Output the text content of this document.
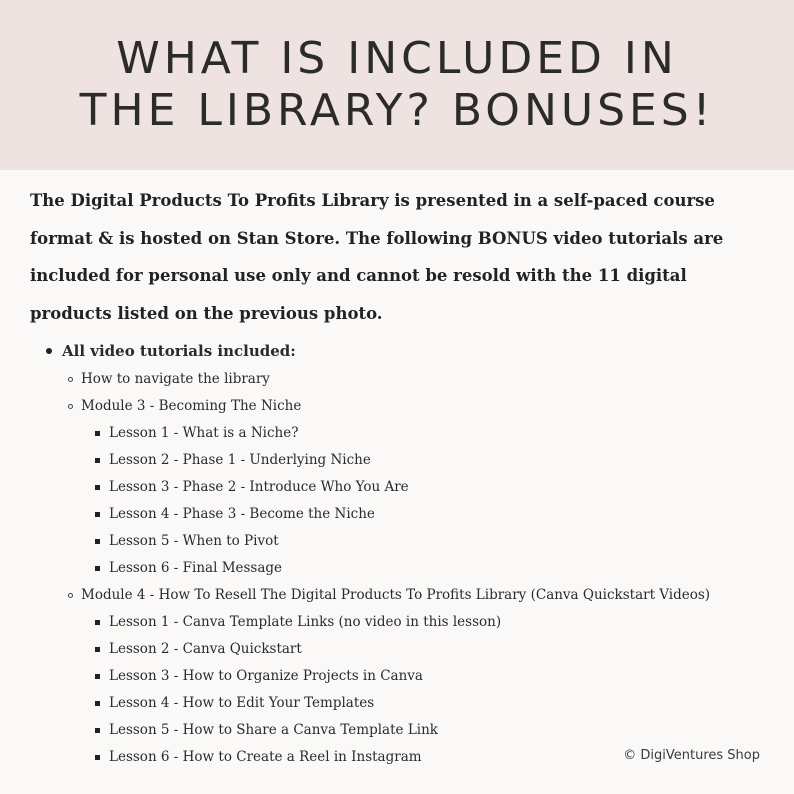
WHAT IS INCLUDED IN
THE LIBRARY? BONUSES!
The Digital Products To Profits Library is presented in a self-paced course format & is hosted on Stan Store. The following BONUS video tutorials are included for personal use only and cannot be resold with the 11 digital products listed on the previous photo.
All video tutorials included:
How to navigate the library
Module 3 - Becoming The Niche
Lesson 1 - What is a Niche?
Lesson 2 - Phase 1 - Underlying Niche
Lesson 3 - Phase 2 - Introduce Who You Are
Lesson 4 - Phase 3 - Become the Niche
Lesson 5 - When to Pivot
Lesson 6 - Final Message
Module 4 - How To Resell The Digital Products To Profits Library (Canva Quickstart Videos)
Lesson 1 - Canva Template Links (no video in this lesson)
Lesson 2 - Canva Quickstart
Lesson 3 - How to Organize Projects in Canva
Lesson 4 - How to Edit Your Templates
Lesson 5 - How to Share a Canva Template Link
Lesson 6 - How to Create a Reel in Instagram	© DigiVentures Shop
